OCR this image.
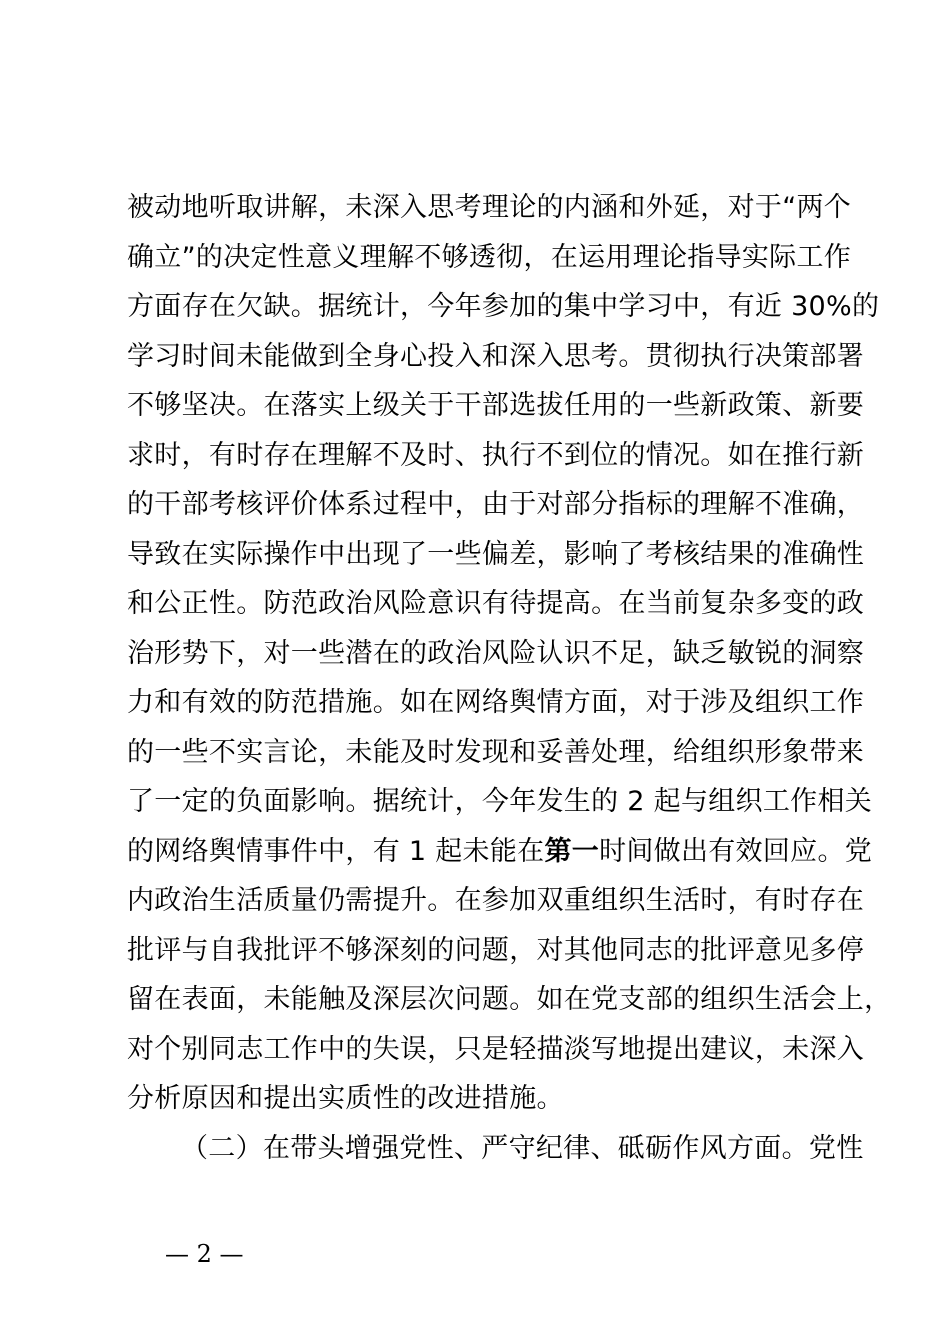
被动地听取讲解，未深入思考理论的内涵和外延，对于“两个
确立”的决定性意义理解不够透彻，在运用理论指导实际工作
方面存在欠缺。据统计，今年参加的集中学习中，有近 30%的
学习时间未能做到全身心投入和深入思考。贯彻执行决策部署
不够坚决。在落实上级关于干部选拔任用的一些新政策、新要
求时，有时存在理解不及时、执行不到位的情况。如在推行新
的干部考核评价体系过程中，由于对部分指标的理解不准确，
导致在实际操作中出现了一些偏差，影响了考核结果的准确性
和公正性。防范政治风险意识有待提高。在当前复杂多变的政
治形势下，对一些潜在的政治风险认识不足，缺乏敏锐的洞察
力和有效的防范措施。如在网络舆情方面，对于涉及组织工作
的一些不实言论，未能及时发现和妥善处理，给组织形象带来
了一定的负面影响。据统计，今年发生的 2 起与组织工作相关
的网络舆情事件中，有 1 起未能在第一时间做出有效回应。党
内政治生活质量仍需提升。在参加双重组织生活时，有时存在
批评与自我批评不够深刻的问题，对其他同志的批评意见多停
留在表面，未能触及深层次问题。如在党支部的组织生活会上，
对个别同志工作中的失误，只是轻描淡写地提出建议，未深入
分析原因和提出实质性的改进措施。
（二）在带头增强党性、严守纪律、砥砺作风方面。党性
— 2 —
